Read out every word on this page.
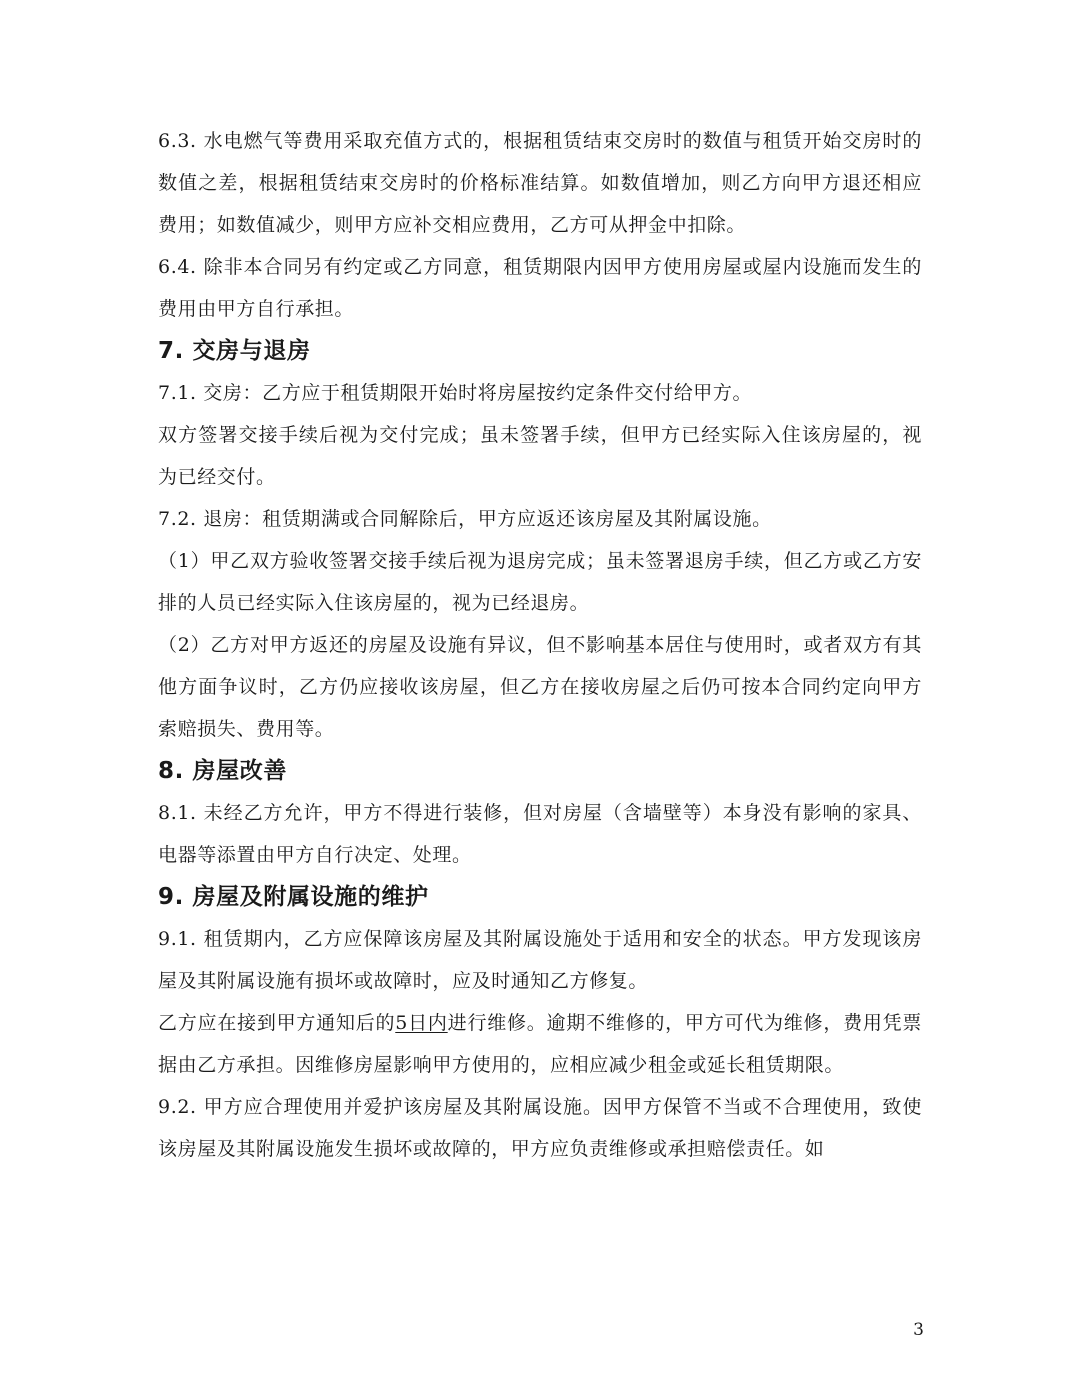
6.3. 水电燃气等费用采取充值方式的，根据租赁结束交房时的数值与租赁开始交房时的数值之差，根据租赁结束交房时的价格标准结算。如数值增加，则乙方向甲方退还相应费用；如数值减少，则甲方应补交相应费用，乙方可从押金中扣除。

6.4. 除非本合同另有约定或乙方同意，租赁期限内因甲方使用房屋或屋内设施而发生的费用由甲方自行承担。

7. 交房与退房

7.1. 交房：乙方应于租赁期限开始时将房屋按约定条件交付给甲方。

双方签署交接手续后视为交付完成；虽未签署手续，但甲方已经实际入住该房屋的，视为已经交付。

7.2. 退房：租赁期满或合同解除后，甲方应返还该房屋及其附属设施。

（1）甲乙双方验收签署交接手续后视为退房完成；虽未签署退房手续，但乙方或乙方安排的人员已经实际入住该房屋的，视为已经退房。

（2）乙方对甲方返还的房屋及设施有异议，但不影响基本居住与使用时，或者双方有其他方面争议时，乙方仍应接收该房屋，但乙方在接收房屋之后仍可按本合同约定向甲方索赔损失、费用等。

8. 房屋改善

8.1. 未经乙方允许，甲方不得进行装修，但对房屋（含墙壁等）本身没有影响的家具、电器等添置由甲方自行决定、处理。

9. 房屋及附属设施的维护

9.1. 租赁期内，乙方应保障该房屋及其附属设施处于适用和安全的状态。甲方发现该房屋及其附属设施有损坏或故障时，应及时通知乙方修复。

乙方应在接到甲方通知后的5日内进行维修。逾期不维修的，甲方可代为维修，费用凭票据由乙方承担。因维修房屋影响甲方使用的，应相应减少租金或延长租赁期限。

9.2. 甲方应合理使用并爱护该房屋及其附属设施。因甲方保管不当或不合理使用，致使该房屋及其附属设施发生损坏或故障的，甲方应负责维修或承担赔偿责任。如

3
